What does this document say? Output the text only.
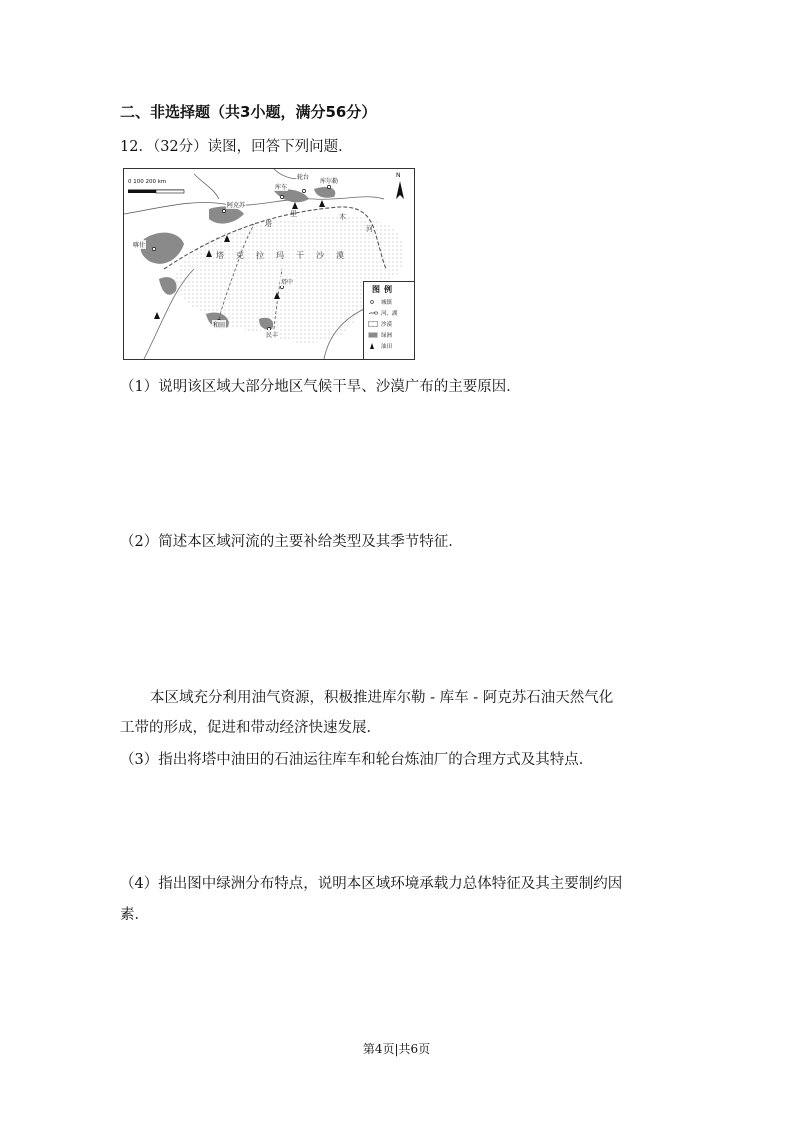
二、非选择题（共3小题，满分56分）
12．（32分）读图，回答下列问题．
0 100 200 km
N
库车
轮台
库尔勒
阿克苏
喀什
塔中
和田
民丰
塔 克 拉 玛 干 沙 漠
塔
里	木
河
图例
城镇
河、湖
沙漠
绿洲
油田
（1）说明该区域大部分地区气候干旱、沙漠广布的主要原因．
（2）简述本区域河流的主要补给类型及其季节特征．
本区域充分利用油气资源，积极推进库尔勒 - 库车 - 阿克苏石油天然气化
工带的形成，促进和带动经济快速发展．
（3）指出将塔中油田的石油运往库车和轮台炼油厂的合理方式及其特点．
（4）指出图中绿洲分布特点，说明本区域环境承载力总体特征及其主要制约因
素．
第4页|共6页
